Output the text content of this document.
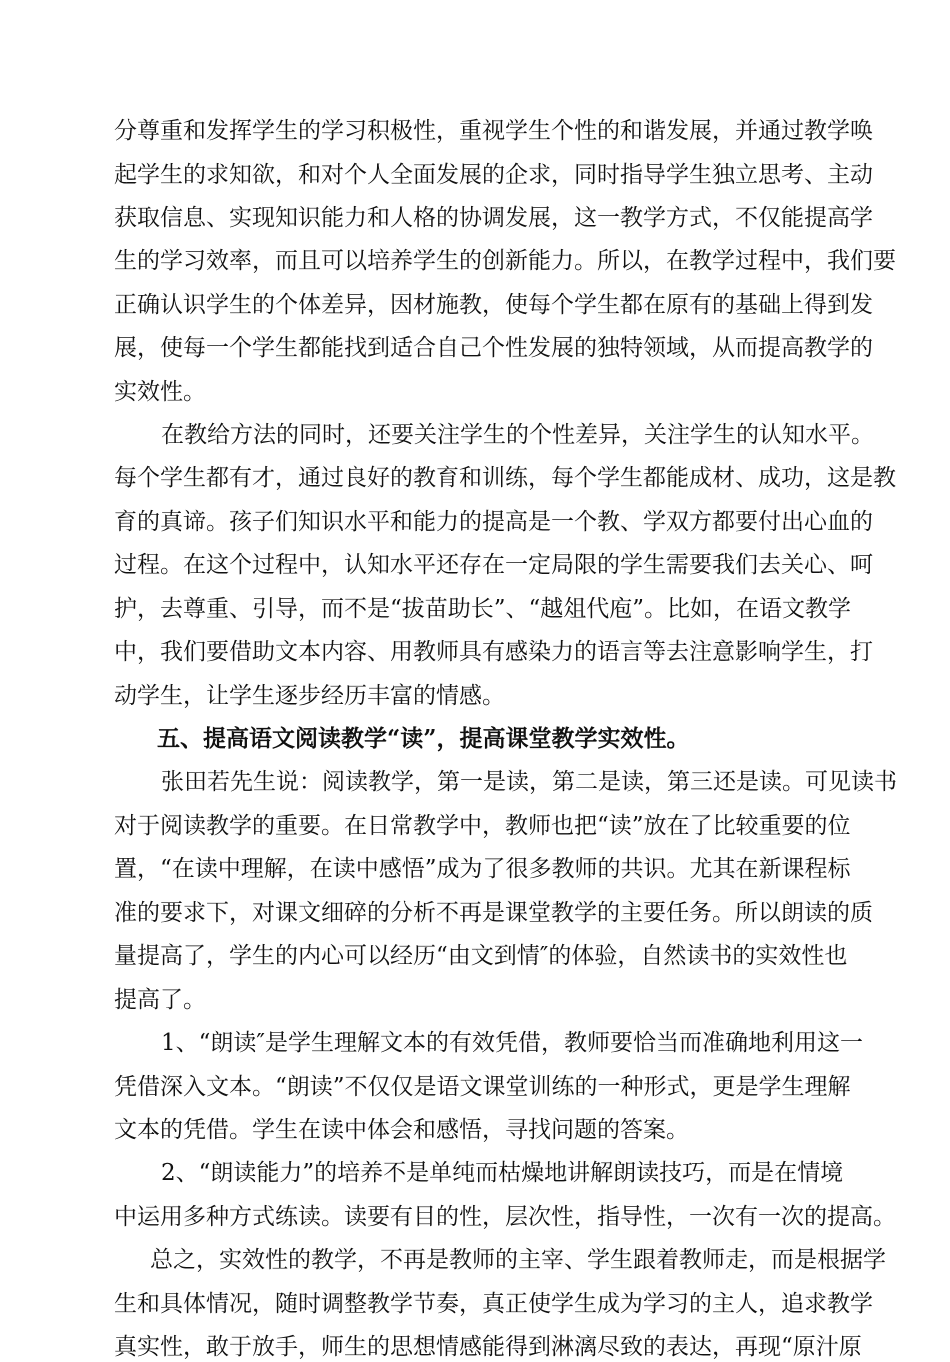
分尊重和发挥学生的学习积极性，重视学生个性的和谐发展，并通过教学唤
起学生的求知欲，和对个人全面发展的企求，同时指导学生独立思考、主动
获取信息、实现知识能力和人格的协调发展，这一教学方式，不仅能提高学
生的学习效率，而且可以培养学生的创新能力。所以，在教学过程中，我们要
正确认识学生的个体差异，因材施教，使每个学生都在原有的基础上得到发
展，使每一个学生都能找到适合自己个性发展的独特领域，从而提高教学的
实效性。
在教给方法的同时，还要关注学生的个性差异，关注学生的认知水平。
每个学生都有才，通过良好的教育和训练，每个学生都能成材、成功，这是教
育的真谛。孩子们知识水平和能力的提高是一个教、学双方都要付出心血的
过程。在这个过程中，认知水平还存在一定局限的学生需要我们去关心、呵
护，去尊重、引导，而不是“拔苗助长”、“越俎代庖”。比如，在语文教学
中，我们要借助文本内容、用教师具有感染力的语言等去注意影响学生，打
动学生，让学生逐步经历丰富的情感。
五、提高语文阅读教学“读”，提高课堂教学实效性。
张田若先生说：阅读教学，第一是读，第二是读，第三还是读。可见读书
对于阅读教学的重要。在日常教学中，教师也把“读”放在了比较重要的位
置，“在读中理解，在读中感悟”成为了很多教师的共识。尤其在新课程标
准的要求下，对课文细碎的分析不再是课堂教学的主要任务。所以朗读的质
量提高了，学生的内心可以经历“由文到情″的体验，自然读书的实效性也
提高了。
1、“朗读″是学生理解文本的有效凭借，教师要恰当而准确地利用这一
凭借深入文本。“朗读”不仅仅是语文课堂训练的一种形式，更是学生理解
文本的凭借。学生在读中体会和感悟，寻找问题的答案。
2、“朗读能力”的培养不是单纯而枯燥地讲解朗读技巧，而是在情境
中运用多种方式练读。读要有目的性，层次性，指导性，一次有一次的提高。
总之，实效性的教学，不再是教师的主宰、学生跟着教师走，而是根据学
生和具体情况，随时调整教学节奏，真正使学生成为学习的主人，追求教学
真实性，敢于放手，师生的思想情感能得到淋漓尽致的表达，再现“原汁原
